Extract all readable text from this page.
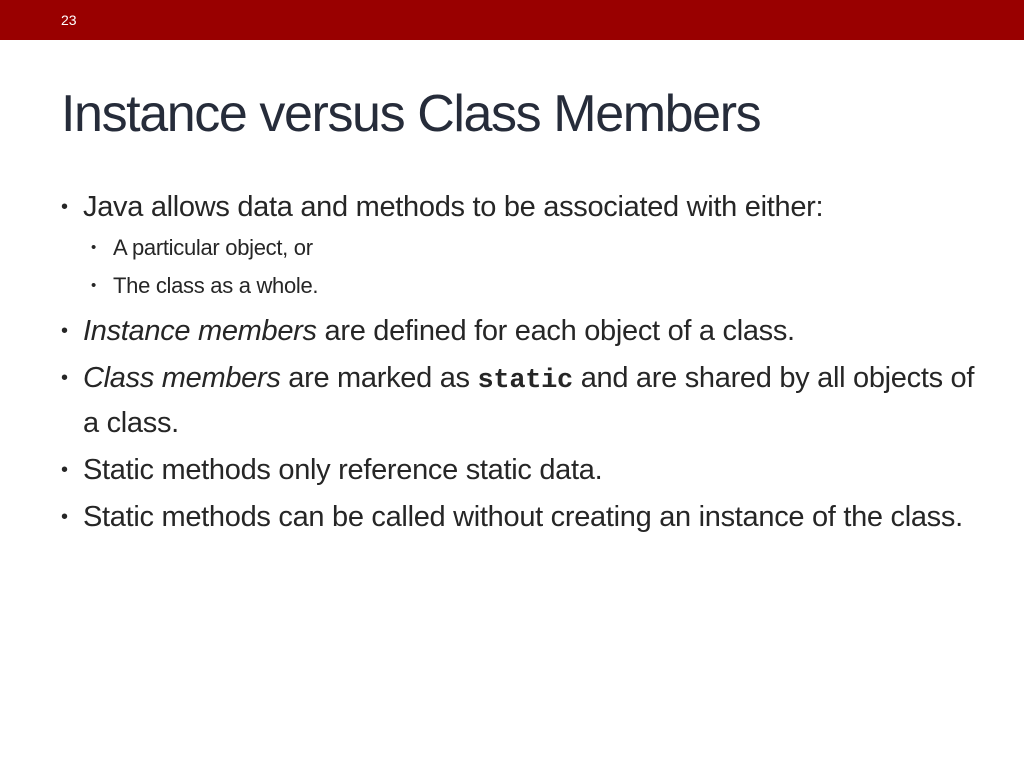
23
Instance versus Class Members
• Java allows data and methods to be associated with either:
• A particular object, or
• The class as a whole.
• Instance members are defined for each object of a class.
• Class members are marked as static and are shared by all objects of a class.
• Static methods only reference static data.
• Static methods can be called without creating an instance of the class.
